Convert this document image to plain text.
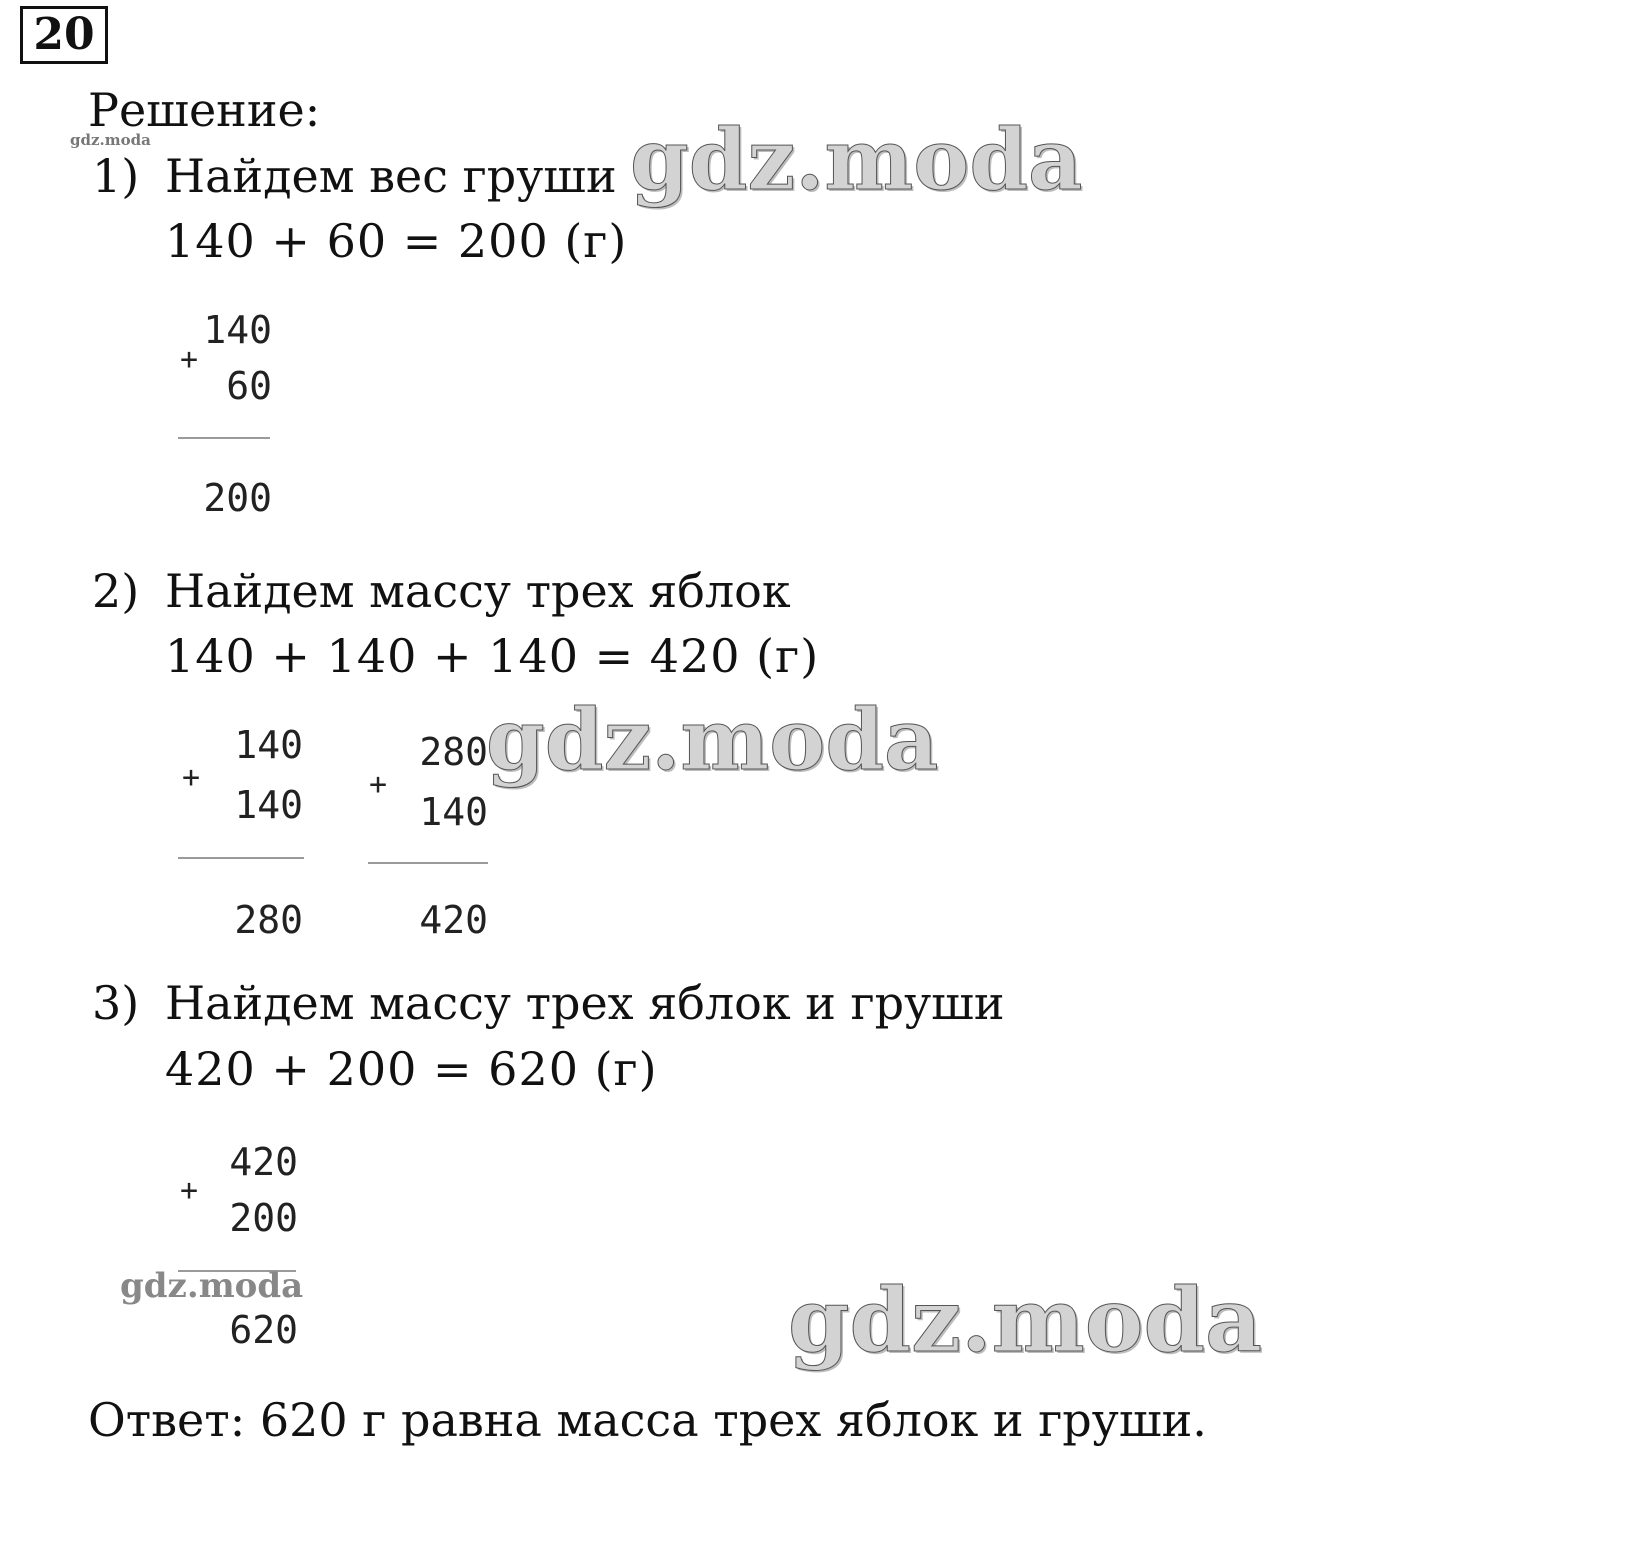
20
Решение:
gdz.moda
1) Найдем вес груши
140 + 60 = 200 (г)
140
+
60
200
2) Найдем массу трех яблок
140 + 140 + 140 = 420 (г)
140
+
140
280
280
+
140
420
3) Найдем массу трех яблок и груши
420 + 200 = 620 (г)
420
+
200
620
Ответ: 620 г равна масса трех яблок и груши.
gdz.moda
gdz.moda
gdz.moda
gdz.moda
